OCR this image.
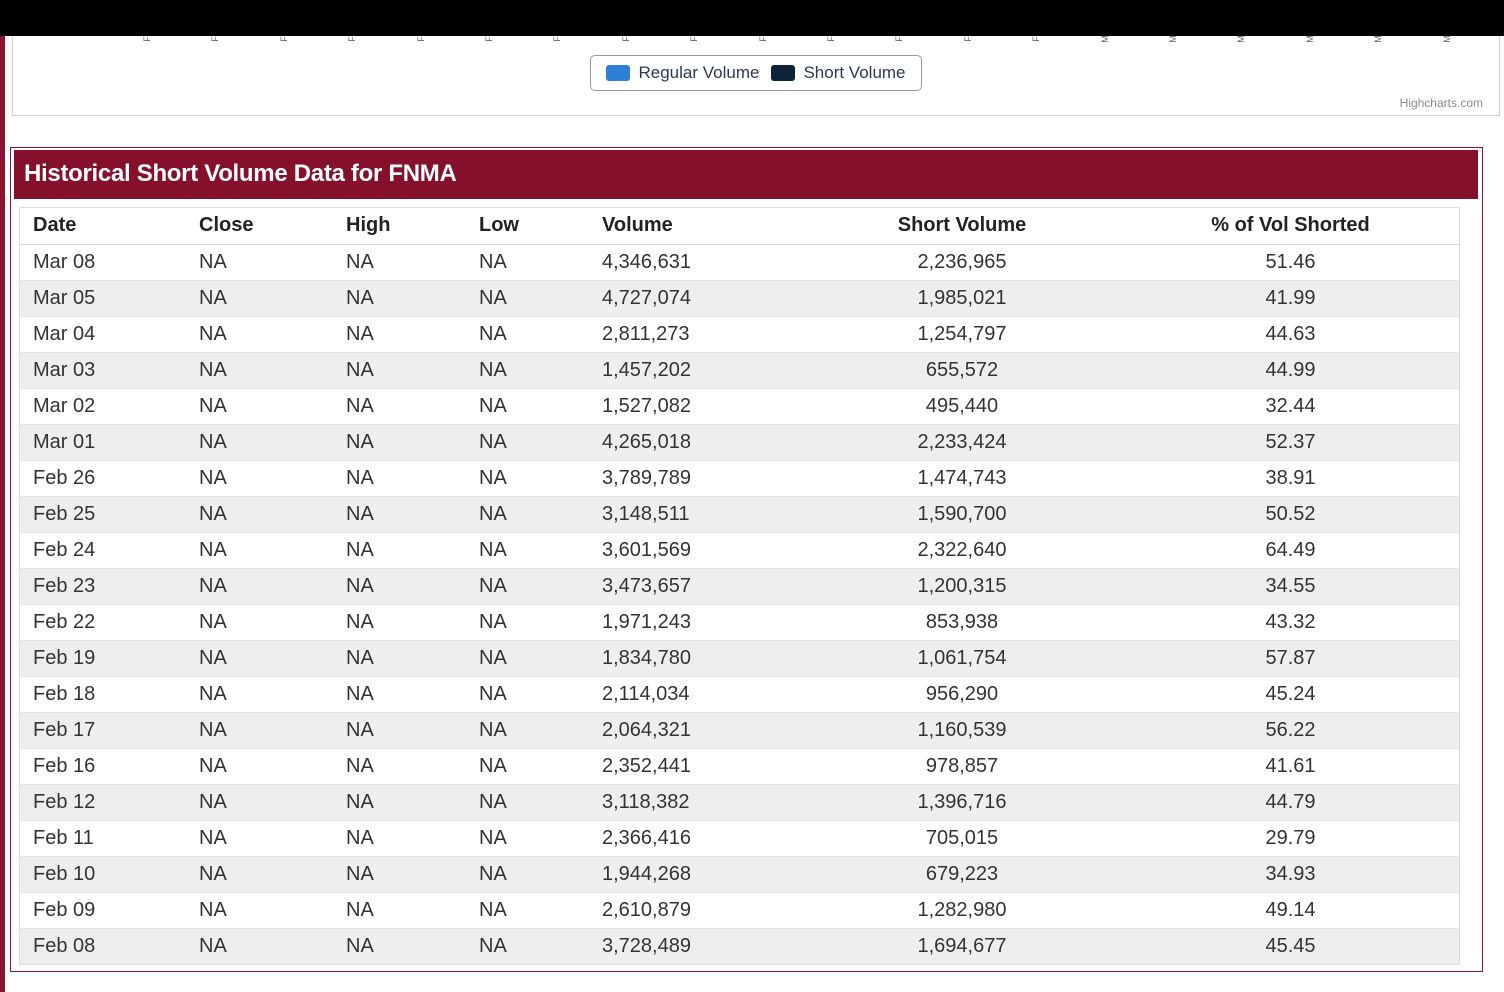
F	F	F	F	F	F	F	F	F	F	F	F	F	F	M	M	M	M	M	M
Regular Volume	Short Volume
Highcharts.com
Historical Short Volume Data for FNMA
Date	Close	High	Low	Volume	Short Volume	% of Vol Shorted
Mar 08	NA	NA	NA	4,346,631	2,236,965	51.46
Mar 05	NA	NA	NA	4,727,074	1,985,021	41.99
Mar 04	NA	NA	NA	2,811,273	1,254,797	44.63
Mar 03	NA	NA	NA	1,457,202	655,572	44.99
Mar 02	NA	NA	NA	1,527,082	495,440	32.44
Mar 01	NA	NA	NA	4,265,018	2,233,424	52.37
Feb 26	NA	NA	NA	3,789,789	1,474,743	38.91
Feb 25	NA	NA	NA	3,148,511	1,590,700	50.52
Feb 24	NA	NA	NA	3,601,569	2,322,640	64.49
Feb 23	NA	NA	NA	3,473,657	1,200,315	34.55
Feb 22	NA	NA	NA	1,971,243	853,938	43.32
Feb 19	NA	NA	NA	1,834,780	1,061,754	57.87
Feb 18	NA	NA	NA	2,114,034	956,290	45.24
Feb 17	NA	NA	NA	2,064,321	1,160,539	56.22
Feb 16	NA	NA	NA	2,352,441	978,857	41.61
Feb 12	NA	NA	NA	3,118,382	1,396,716	44.79
Feb 11	NA	NA	NA	2,366,416	705,015	29.79
Feb 10	NA	NA	NA	1,944,268	679,223	34.93
Feb 09	NA	NA	NA	2,610,879	1,282,980	49.14
Feb 08	NA	NA	NA	3,728,489	1,694,677	45.45
